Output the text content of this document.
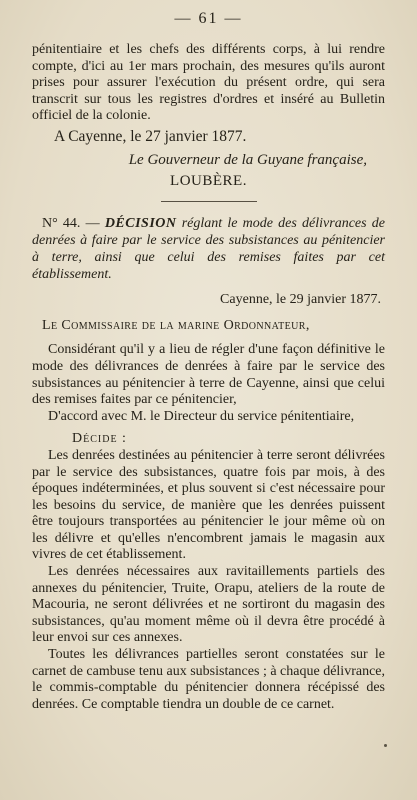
— 61 —

pénitentiaire et les chefs des différents corps, à lui rendre compte, d'ici au 1er mars prochain, des mesures qu'ils auront prises pour assurer l'exécution du présent ordre, qui sera transcrit sur tous les registres d'ordres et inséré au Bulletin officiel de la colonie.

A Cayenne, le 27 janvier 1877.

Le Gouverneur de la Guyane française,

LOUBÈRE.

N° 44. — DÉCISION réglant le mode des délivrances de denrées à faire par le service des subsistances au pénitencier à terre, ainsi que celui des remises faites par cet établissement.

Cayenne, le 29 janvier 1877.

Le Commissaire de la marine Ordonnateur,

Considérant qu'il y a lieu de régler d'une façon définitive le mode des délivrances de denrées à faire par le service des subsistances au pénitencier à terre de Cayenne, ainsi que celui des remises faites par ce pénitencier,

D'accord avec M. le Directeur du service pénitentiaire,

Décide :

Les denrées destinées au pénitencier à terre seront délivrées par le service des subsistances, quatre fois par mois, à des époques indéterminées, et plus souvent si c'est nécessaire pour les besoins du service, de manière que les denrées puissent être toujours transportées au pénitencier le jour même où on les délivre et qu'elles n'encombrent jamais le magasin aux vivres de cet établissement.

Les denrées nécessaires aux ravitaillements partiels des annexes du pénitencier, Truite, Orapu, ateliers de la route de Macouria, ne seront délivrées et ne sortiront du magasin des subsistances, qu'au moment même où il devra être procédé à leur envoi sur ces annexes.

Toutes les délivrances partielles seront constatées sur le carnet de cambuse tenu aux subsistances ; à chaque délivrance, le commis-comptable du pénitencier donnera récépissé des denrées. Ce comptable tiendra un double de ce carnet.
